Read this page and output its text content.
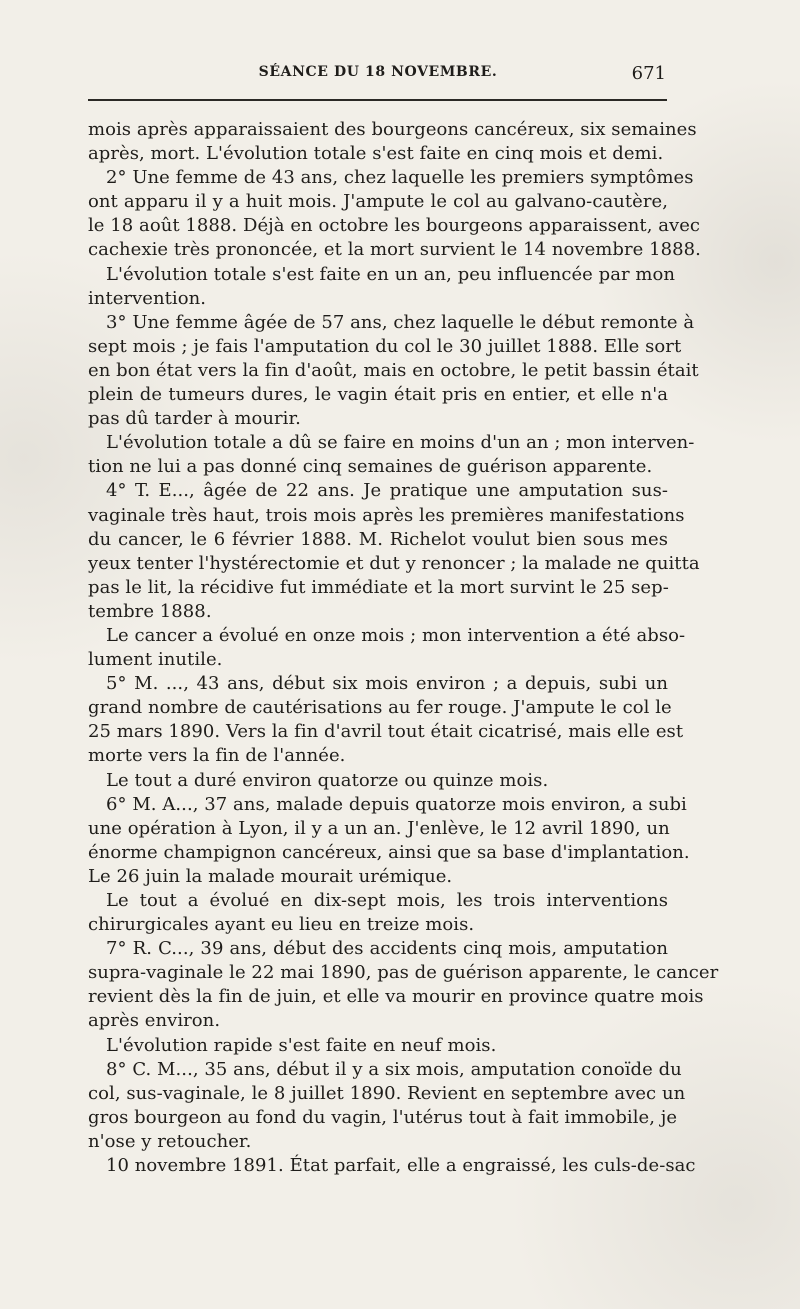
SÉANCE DU 18 NOVEMBRE.	671
mois après apparaissaient des bourgeons cancéreux, six semaines
après, mort. L'évolution totale s'est faite en cinq mois et demi.
2° Une femme de 43 ans, chez laquelle les premiers symptômes
ont apparu il y a huit mois. J'ampute le col au galvano-cautère,
le 18 août 1888. Déjà en octobre les bourgeons apparaissent, avec
cachexie très prononcée, et la mort survient le 14 novembre 1888.
L'évolution totale s'est faite en un an, peu influencée par mon
intervention.
3° Une femme âgée de 57 ans, chez laquelle le début remonte à
sept mois ; je fais l'amputation du col le 30 juillet 1888. Elle sort
en bon état vers la fin d'août, mais en octobre, le petit bassin était
plein de tumeurs dures, le vagin était pris en entier, et elle n'a
pas dû tarder à mourir.
L'évolution totale a dû se faire en moins d'un an ; mon interven-
tion ne lui a pas donné cinq semaines de guérison apparente.
4° T. E..., âgée de 22 ans. Je pratique une amputation sus-
vaginale très haut, trois mois après les premières manifestations
du cancer, le 6 février 1888. M. Richelot voulut bien sous mes
yeux tenter l'hystérectomie et dut y renoncer ; la malade ne quitta
pas le lit, la récidive fut immédiate et la mort survint le 25 sep-
tembre 1888.
Le cancer a évolué en onze mois ; mon intervention a été abso-
lument inutile.
5° M. ..., 43 ans, début six mois environ ; a depuis, subi un
grand nombre de cautérisations au fer rouge. J'ampute le col le
25 mars 1890. Vers la fin d'avril tout était cicatrisé, mais elle est
morte vers la fin de l'année.
Le tout a duré environ quatorze ou quinze mois.
6° M. A..., 37 ans, malade depuis quatorze mois environ, a subi
une opération à Lyon, il y a un an. J'enlève, le 12 avril 1890, un
énorme champignon cancéreux, ainsi que sa base d'implantation.
Le 26 juin la malade mourait urémique.
Le tout a évolué en dix-sept mois, les trois interventions
chirurgicales ayant eu lieu en treize mois.
7° R. C..., 39 ans, début des accidents cinq mois, amputation
supra-vaginale le 22 mai 1890, pas de guérison apparente, le cancer
revient dès la fin de juin, et elle va mourir en province quatre mois
après environ.
L'évolution rapide s'est faite en neuf mois.
8° C. M..., 35 ans, début il y a six mois, amputation conoïde du
col, sus-vaginale, le 8 juillet 1890. Revient en septembre avec un
gros bourgeon au fond du vagin, l'utérus tout à fait immobile, je
n'ose y retoucher.
10 novembre 1891. État parfait, elle a engraissé, les culs-de-sac
